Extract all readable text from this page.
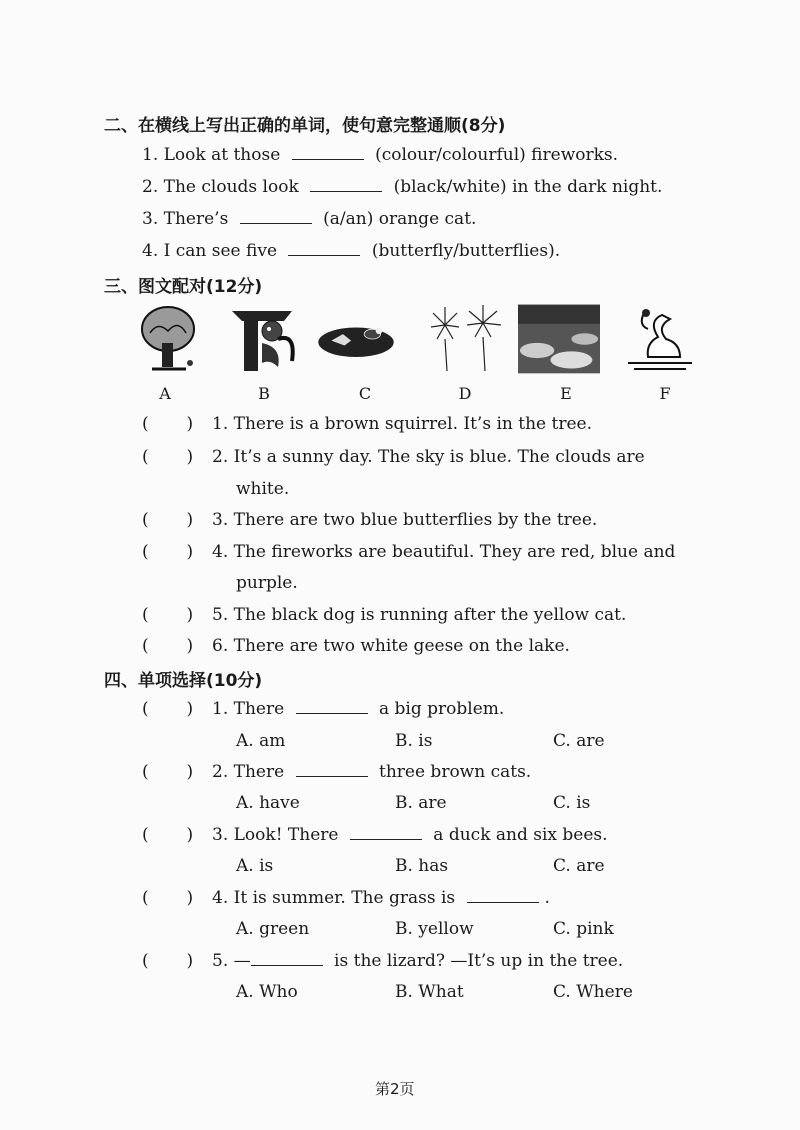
二、在横线上写出正确的单词，使句意完整通顺(8分)
1. Look at those	(colour/colourful) fireworks.
2. The clouds look	(black/white) in the dark night.
3. There’s	(a/an) orange cat.
4. I can see five	(butterfly/butterflies).
三、图文配对(12分)
A	B	C	D	E	F
(       ) 1. There is a brown squirrel. It’s in the tree.
(       ) 2. It’s a sunny day. The sky is blue. The clouds are
white.
(       ) 3. There are two blue butterflies by the tree.
(       ) 4. The fireworks are beautiful. They are red, blue and
purple.
(       ) 5. The black dog is running after the yellow cat.
(       ) 6. There are two white geese on the lake.
四、单项选择(10分)
(       ) 1. There	a big problem.
A. am	B. is	C. are
(       ) 2. There	three brown cats.
A. have	B. are	C. is
(       ) 3. Look! There	a duck and six bees.
A. is	B. has	C. are
(       ) 4. It is summer. The grass is	.
A. green	B. yellow	C. pink
(       ) 5. —	is the lizard? —It’s up in the tree.
A. Who	B. What	C. Where
第2页
